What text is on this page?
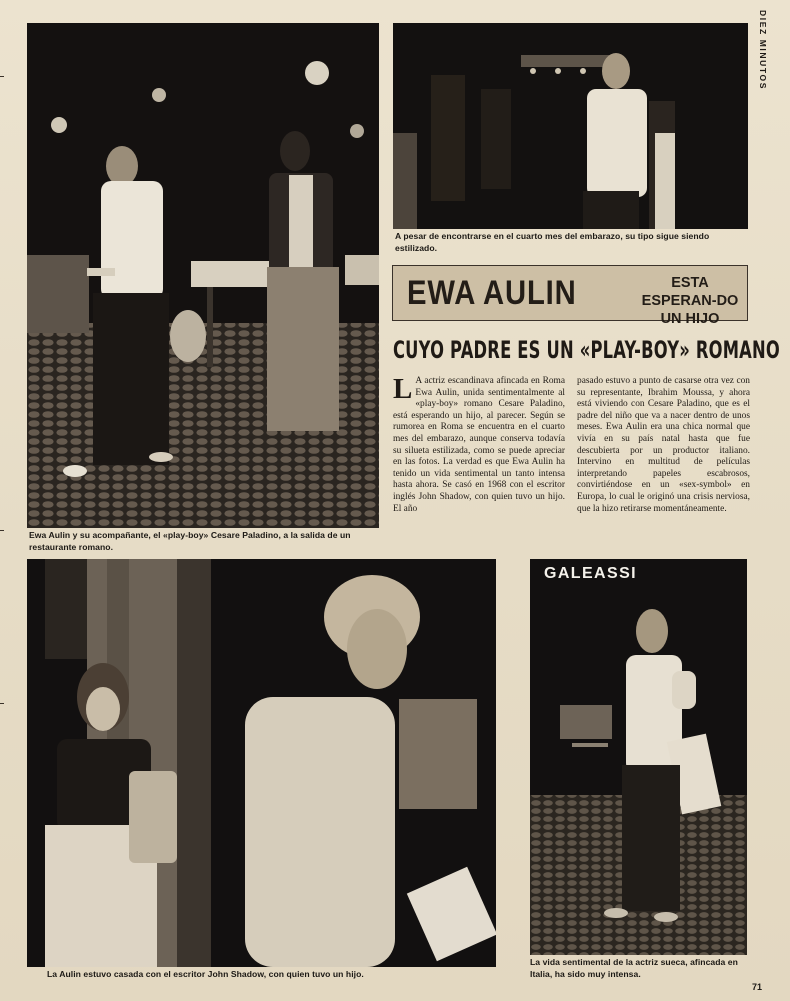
DIEZ MINUTOS
Ewa Aulin y su acompañante, el «play-boy» Cesare Paladino, a la salida de un restaurante romano.
A pesar de encontrarse en el cuarto mes del embarazo, su tipo sigue siendo estilizado.
EWA AULIN	ESTA ESPERAN-DO UN HIJO
CUYO PADRE ES UN «PLAY-BOY» ROMANO

L A actriz escandinava afincada en Roma Ewa Aulin, unida sentimentalmente al «play-boy» romano Cesare Paladino, está esperando un hijo, al parecer. Según se rumorea en Roma se encuentra en el cuarto mes del embarazo, aunque conserva todavía su silueta estilizada, como se puede apreciar en las fotos. La verdad es que Ewa Aulin ha tenido un vida sentimental un tanto intensa hasta ahora. Se casó en 1968 con el escritor inglés John Shadow, con quien tuvo un hijo. El año

pasado estuvo a punto de casarse otra vez con su representante, Ibrahim Moussa, y ahora está viviendo con Cesare Paladino, que es el padre del niño que va a nacer dentro de unos meses. Ewa Aulin era una chica normal que vivía en su país natal hasta que fue descubierta por un productor italiano. Intervino en multitud de películas interpretando papeles escabrosos, convirtiéndose en un «sex-symbol» en Europa, lo cual le originó una crisis nerviosa, que la hizo retirarse momentáneamente.

La Aulin estuvo casada con el escritor John Shadow, con quien tuvo un hijo.
GALEASSI
La vida sentimental de la actriz sueca, afincada en Italia, ha sido muy intensa.
71
